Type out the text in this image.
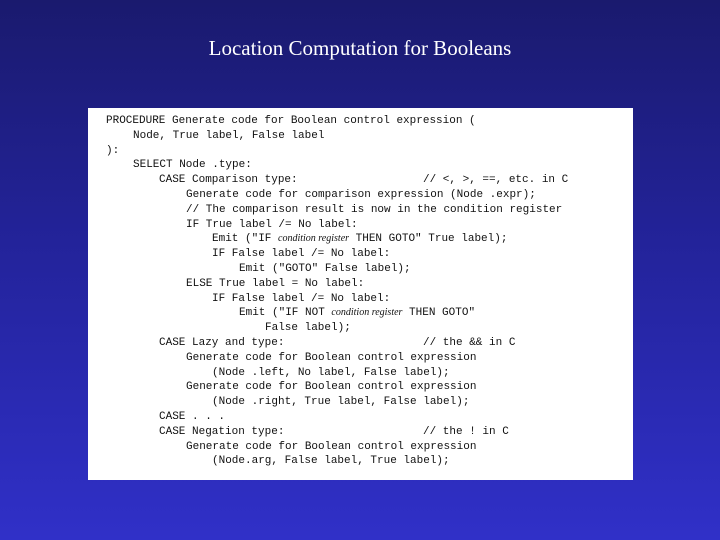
Location Computation for Booleans
PROCEDURE Generate code for Boolean control expression (
Node, True label, False label
):
SELECT Node .type:
CASE Comparison type:	// <, >, ==, etc. in C
Generate code for comparison expression (Node .expr);
// The comparison result is now in the condition register
IF True label /= No label:
Emit ("IF condition register THEN GOTO" True label);
IF False label /= No label:
Emit ("GOTO" False label);
ELSE True label = No label:
IF False label /= No label:
Emit ("IF NOT condition register THEN GOTO"
False label);
CASE Lazy and type:	// the && in C
Generate code for Boolean control expression
(Node .left, No label, False label);
Generate code for Boolean control expression
(Node .right, True label, False label);
CASE . . .
CASE Negation type:	// the ! in C
Generate code for Boolean control expression
(Node.arg, False label, True label);
